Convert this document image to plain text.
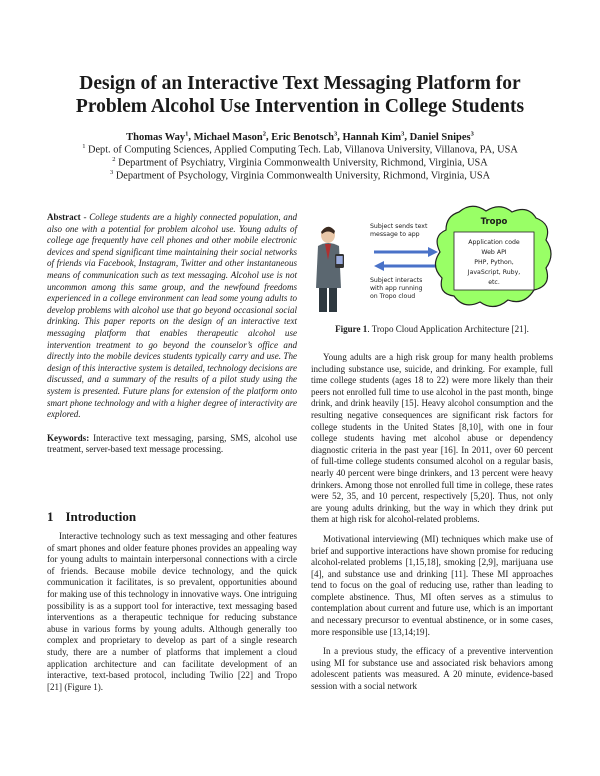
Design of an Interactive Text Messaging Platform for
Problem Alcohol Use Intervention in College Students
Thomas Way$^1$, Michael Mason$^2$, Eric Benotsch$^3$, Hannah Kim$^3$, Daniel Snipes$^3$
$^1$ Dept. of Computing Sciences, Applied Computing Tech. Lab, Villanova University, Villanova, PA, USA
$^2$ Department of Psychiatry, Virginia Commonwealth University, Richmond, Virginia, USA
$^3$ Department of Psychology, Virginia Commonwealth University, Richmond, Virginia, USA

Abstract - College students are a highly connected population, and also one with a potential for problem alcohol use. Young adults of college age frequently have cell phones and other mobile electronic devices and spend significant time maintaining their social networks of friends via Facebook, Instagram, Twitter and other instantaneous means of communication such as text messaging. Alcohol use is not uncommon among this same group, and the newfound freedoms experienced in a college environment can lead some young adults to develop problems with alcohol use that go beyond occasional social drinking. This paper reports on the design of an interactive text messaging platform that enables therapeutic alcohol use intervention treatment to go beyond the counselor’s office and directly into the mobile devices students typically carry and use. The design of this interactive system is detailed, technology decisions are discussed, and a summary of the results of a pilot study using the system is presented. Future plans for extension of the platform onto smart phone technology and with a higher degree of interactivity are explored.

Keywords: Interactive text messaging, parsing, SMS, alcohol use treatment, server-based text message processing.

1 Introduction

Interactive technology such as text messaging and other features of smart phones and older feature phones provides an appealing way for young adults to maintain interpersonal connections with a circle of friends. Because mobile device technology, and the quick communication it facilitates, is so prevalent, opportunities abound for making use of this technology in innovative ways. One intriguing possibility is as a support tool for interactive, text messaging based interventions as a therapeutic technique for reducing substance abuse in various forms by young adults. Although generally too complex and proprietary to develop as part of a single research study, there are a number of platforms that implement a cloud application architecture and can facilitate development of an interactive, text-based protocol, including Twilio [22] and Tropo [21] (Figure 1).

Subject sends text message to app
Subject interacts with app running on Tropo cloud
Tropo
Application code
Web API
PHP, Python,
JavaScript, Ruby,
etc.
Figure 1. Tropo Cloud Application Architecture [21].

Young adults are a high risk group for many health problems including substance use, suicide, and drinking. For example, full time college students (ages 18 to 22) were more likely than their peers not enrolled full time to use alcohol in the past month, binge drink, and drink heavily [15]. Heavy alcohol consumption and the resulting negative consequences are significant risk factors for college students in the United States [8,10], with one in four college students having met alcohol abuse or dependency diagnostic criteria in the past year [16]. In 2011, over 60 percent of full-time college students consumed alcohol on a regular basis, nearly 40 percent were binge drinkers, and 13 percent were heavy drinkers. Among those not enrolled full time in college, these rates were 52, 35, and 10 percent, respectively [5,20]. Thus, not only are young adults drinking, but the way in which they drink put them at high risk for alcohol-related problems.

Motivational interviewing (MI) techniques which make use of brief and supportive interactions have shown promise for reducing alcohol-related problems [1,15,18], smoking [2,9], marijuana use [4], and substance use and drinking [11]. These MI approaches tend to focus on the goal of reducing use, rather than leading to complete abstinence. Thus, MI often serves as a stimulus to contemplation about current and future use, which is an important and necessary precursor to eventual abstinence, or in some cases, more responsible use [13,14;19].

In a previous study, the efficacy of a preventive intervention using MI for substance use and associated risk behaviors among adolescent patients was measured. A 20 minute, evidence-based session with a social network
